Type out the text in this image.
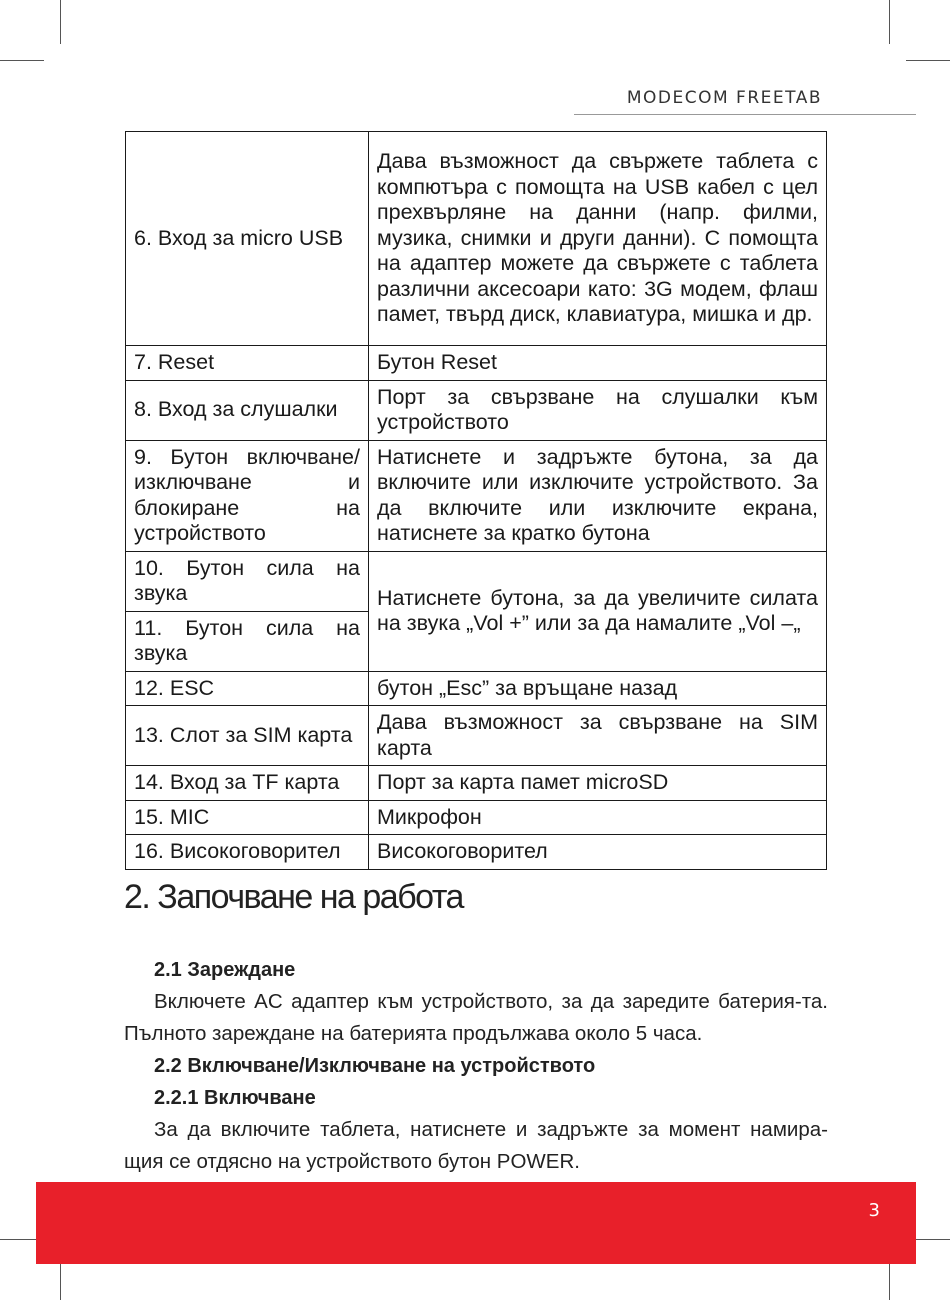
MODECOM FREETAB
6. Вход за micro USB	Дава възможност да свържете таблета с компютъра с помощта на USB кабел с цел прехвърляне на данни (напр. филми, музика, снимки и други данни). С помощта на адаптер можете да свържете с таблета различни аксесоари като: 3G модем, флаш памет, твърд диск, клавиатура, мишка и др.
7. Reset	Бутон Reset
8. Вход за слушалки	Порт за свързване на слушалки към устройството
9. Бутон включване/ изключване и блокиране на устройството	Натиснете и задръжте бутона, за да включите или изключите устройството. За да включите или изключите екрана, натиснете за кратко бутона
10. Бутон сила на звука	Натиснете бутона, за да увеличите силата на звука „Vol +” или за да намалите „Vol –„
11. Бутон сила на звука	
12. ESC	бутон „Esc” за връщане назад
13. Слот за SIM карта	Дава възможност за свързване на SIM карта
14. Вход за TF карта	Порт за карта памет microSD
15. MIC	Микрофон
16. Високоговорител	Високоговорител
2. Започване на работа
2.1 Зареждане

Включете AC адаптер към устройството, за да заредите батерия-та. Пълното зареждане на батерията продължава около 5 часа.

2.2 Включване/Изключване на устройството
2.2.1 Включване

За да включите таблета, натиснете и задръжте за момент намира-щия се отдясно на устройството бутон POWER.

3
